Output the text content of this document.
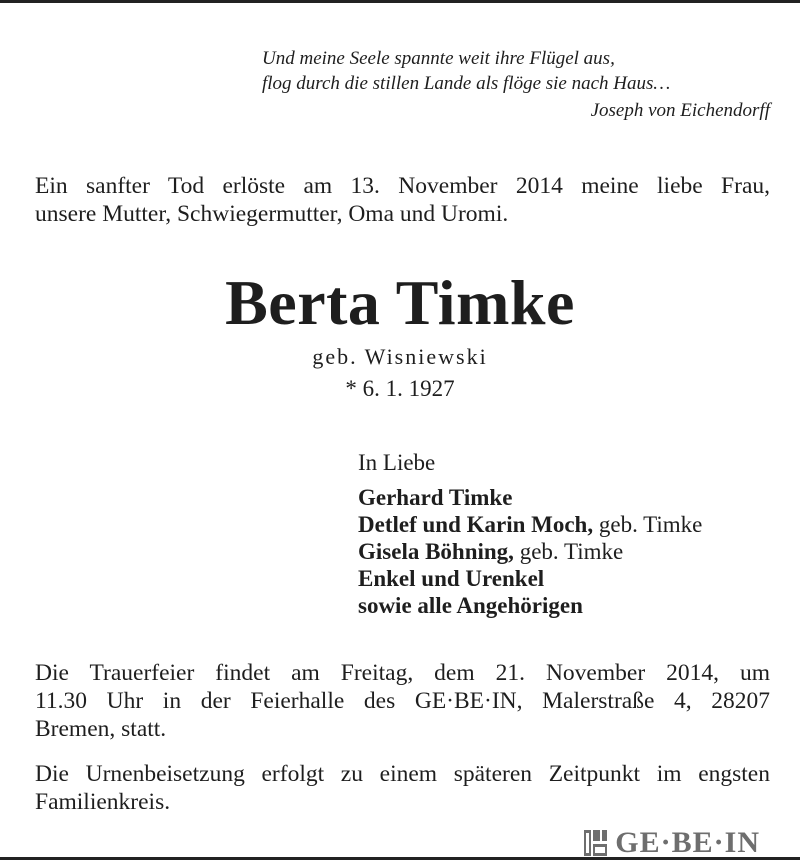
Und meine Seele spannte weit ihre Flügel aus,
flog durch die stillen Lande als flöge sie nach Haus…
Joseph von Eichendorff
Ein sanfter Tod erlöste am 13. November 2014 meine liebe Frau,
unsere Mutter, Schwiegermutter, Oma und Uromi.
Berta Timke
geb. Wisniewski
* 6. 1. 1927
In Liebe
Gerhard Timke
Detlef und Karin Moch, geb. Timke
Gisela Böhning, geb. Timke
Enkel und Urenkel
sowie alle Angehörigen
Die Trauerfeier findet am Freitag, dem 21. November 2014, um
11.30 Uhr in der Feierhalle des GE·BE·IN, Malerstraße 4, 28207
Bremen, statt.
Die Urnenbeisetzung erfolgt zu einem späteren Zeitpunkt im engsten
Familienkreis.
GE·BE·IN
